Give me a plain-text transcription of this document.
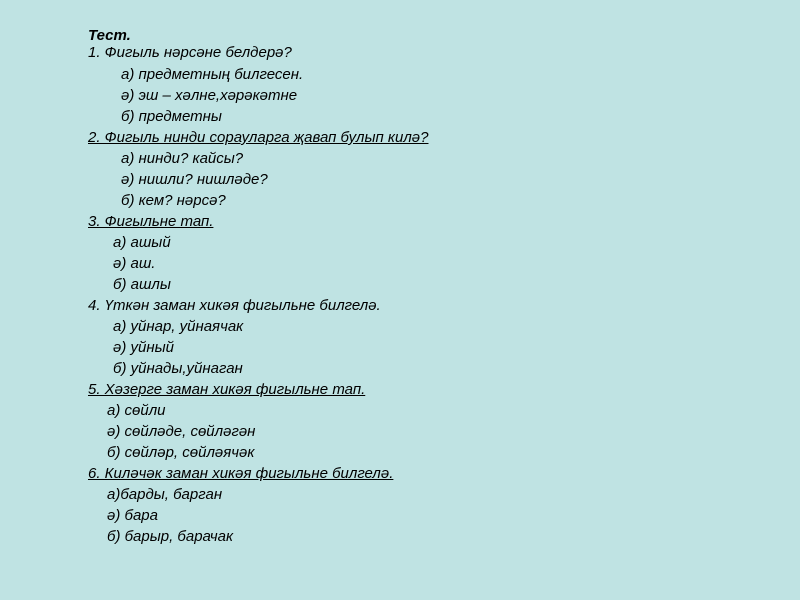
Тест.
1. Фигыль нәрсәне белдерә?
а) предметның билгесен.
ә) эш – хәлне,хәрәкәтне
б) предметны
2. Фигыль нинди сорауларга җавап булып килә?
а) нинди? кайсы?
ә) нишли? нишләде?
б) кем? нәрсә?
3. Фигыльне тап.
а) ашый
ә) аш.
б) ашлы
4. Үткән заман хикәя фигыльне билгелә.
а) уйнар, уйнаячак
ә) уйный
б) уйнады,уйнаган
5. Хәзерге заман хикәя фигыльне тап.
а) сөйли
ә) сөйләде, сөйләгән
б) сөйләр, сөйләячәк
6. Киләчәк заман хикәя фигыльне билгелә.
а)барды, барган
ә) бара
б) барыр, барачак
